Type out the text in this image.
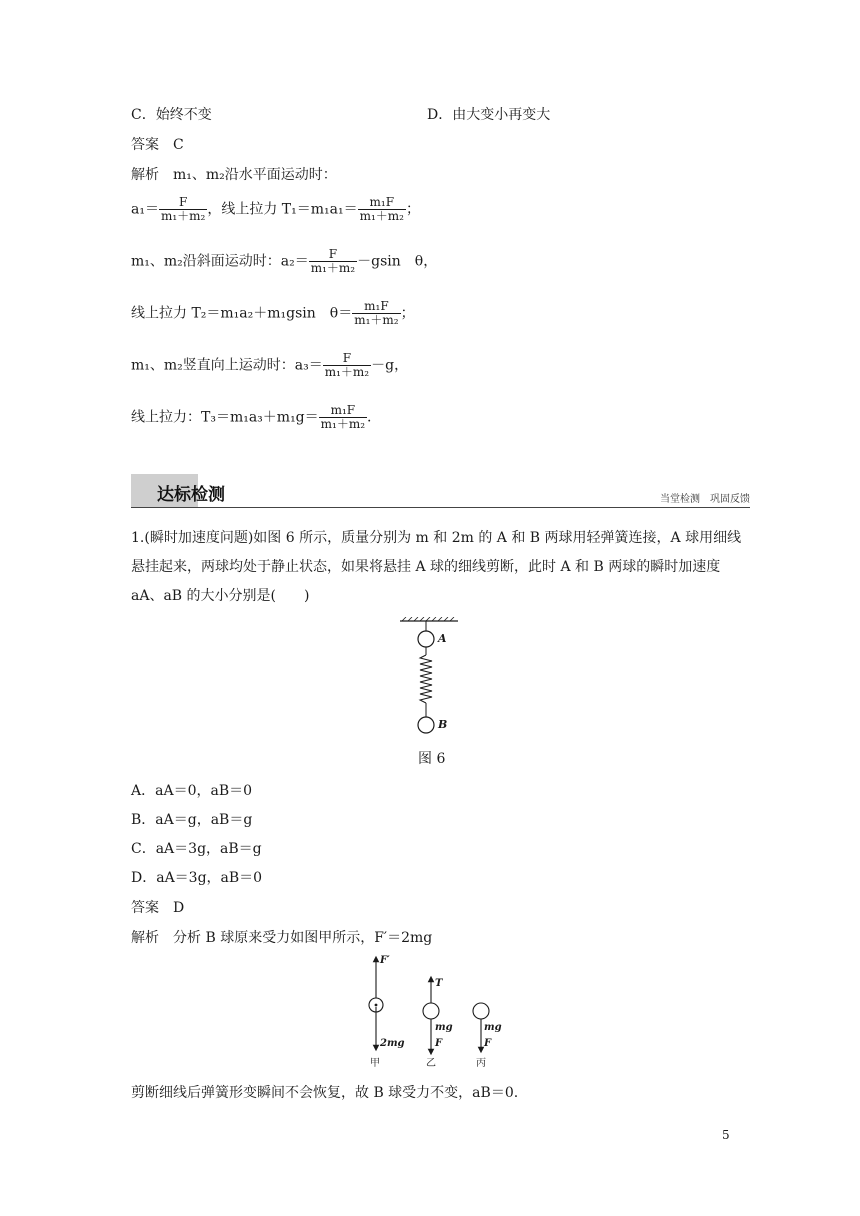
C．始终不变	D．由大变小再变大
答案　C
解析　m₁、m₂沿水平面运动时：
$a_1= \frac{F}{\text{m₁＋m₂}}$ ，线上拉力 $T_1=m_1a_1= \frac{\text{m₁F}}{\text{m₁＋m₂}}$ ；
m₁、m₂沿斜面运动时：$a_2= \frac{F}{\text{m₁＋m₂}} -gsin$　θ，
线上拉力 T₂＝m₁a₂＋m₁gsin　$\theta= \frac{\text{m₁F}}{\text{m₁＋m₂}}$ ；
m₁、m₂竖直向上运动时：$a_3= \frac{F}{\text{m₁＋m₂}} -g$，
线上拉力：$T_3=m_1a_3+m_1g= \frac{\text{m₁F}}{\text{m₁＋m₂}}$ .
达标检测	当堂检测　巩固反馈
1.(瞬时加速度问题)如图 6 所示，质量分别为 m 和 2m 的 A 和 B 两球用轻弹簧连接，A 球用细线悬挂起来，两球均处于静止状态，如果将悬挂 A 球的细线剪断，此时 A 和 B 两球的瞬时加速度 aA、aB 的大小分别是(　　)
A
B
图 6
A．aA＝0，aB＝0
B．aA＝g，aB＝g
C．aA＝3g，aB＝g
D．aA＝3g，aB＝0
答案　D
解析　分析 B 球原来受力如图甲所示，F′＝2mg
F′
2mg
甲
T
mg
F
乙
mg
F
丙
剪断细线后弹簧形变瞬间不会恢复，故 B 球受力不变，aB＝0.
5
